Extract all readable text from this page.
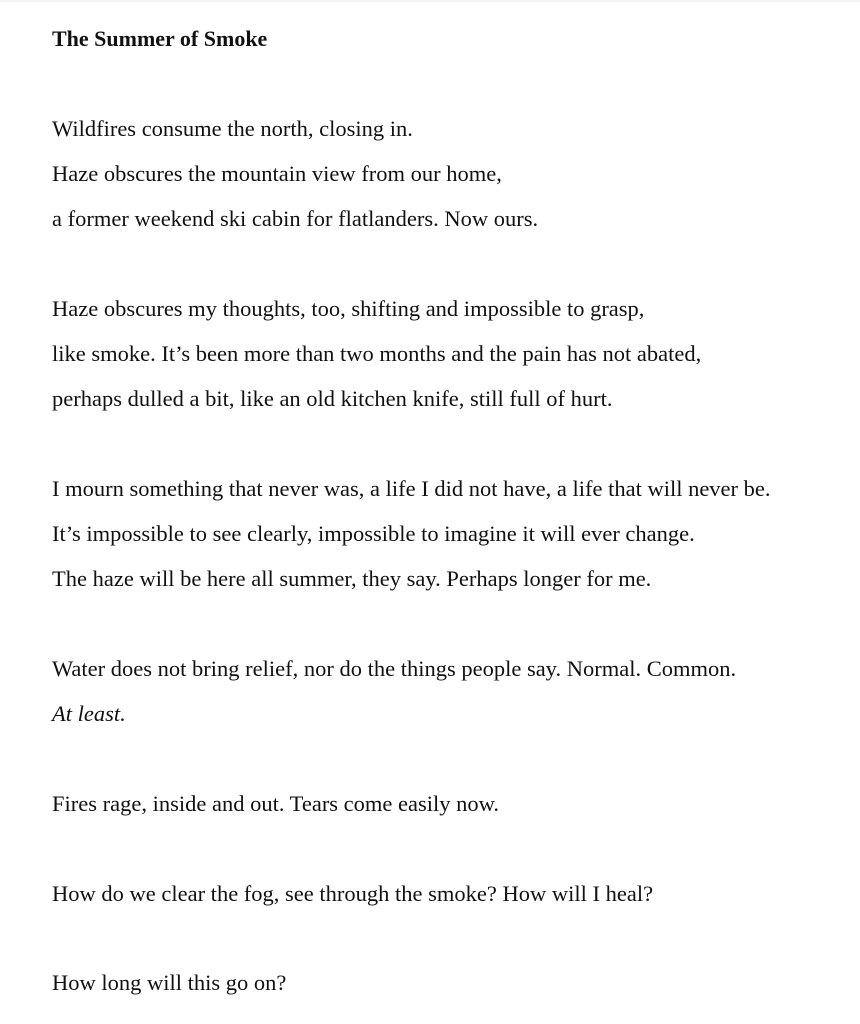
The Summer of Smoke
Wildfires consume the north, closing in.
Haze obscures the mountain view from our home,
a former weekend ski cabin for flatlanders. Now ours.
Haze obscures my thoughts, too, shifting and impossible to grasp,
like smoke. It’s been more than two months and the pain has not abated,
perhaps dulled a bit, like an old kitchen knife, still full of hurt.
I mourn something that never was, a life I did not have, a life that will never be.
It’s impossible to see clearly, impossible to imagine it will ever change.
The haze will be here all summer, they say. Perhaps longer for me.
Water does not bring relief, nor do the things people say. Normal. Common.
At least.
Fires rage, inside and out. Tears come easily now.
How do we clear the fog, see through the smoke? How will I heal?
How long will this go on?
